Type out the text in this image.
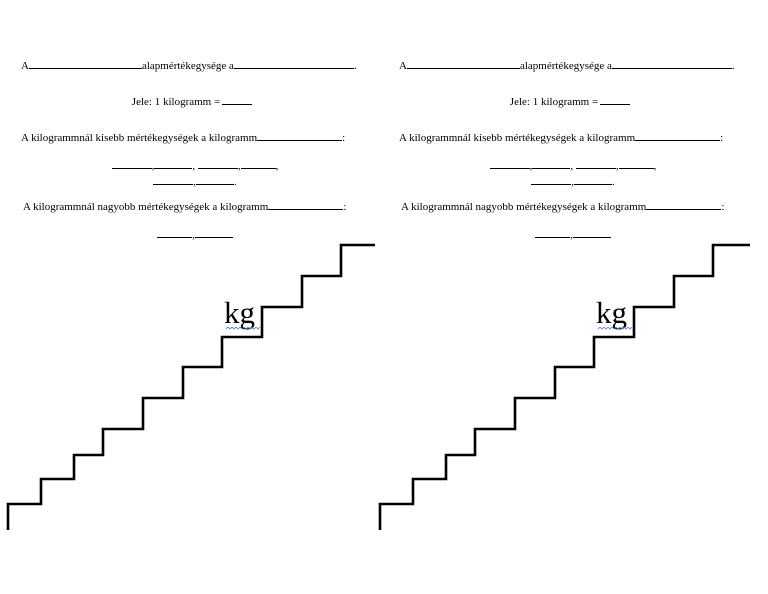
A	alapmértékegysége a	.
Jele: 1 kilogramm =
A kilogrammnál kisebb mértékegységek a kilogramm	:
,	,	,	,
,	.
A kilogrammnál nagyobb mértékegységek a kilogramm	:
,
kg
A	alapmértékegysége a	.
Jele: 1 kilogramm =
A kilogrammnál kisebb mértékegységek a kilogramm	:
,	,	,	,
,	.
A kilogrammnál nagyobb mértékegységek a kilogramm	:
,
kg
